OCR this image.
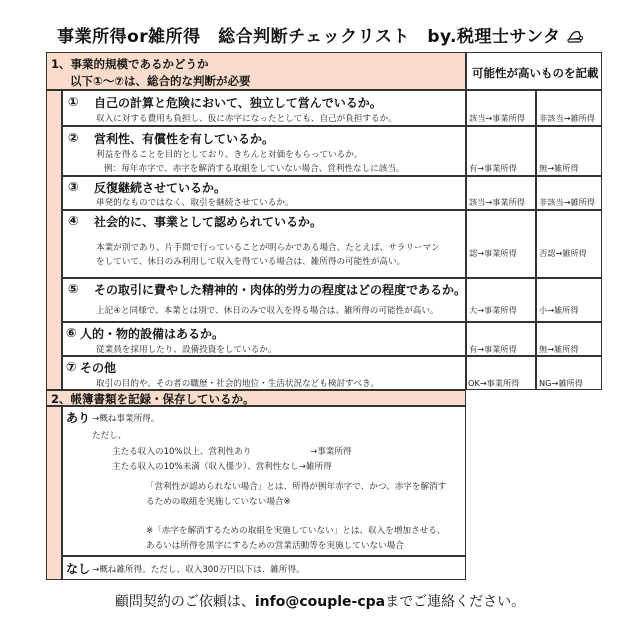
事業所得or雑所得　総合判断チェックリスト　by.税理士サンタ
1、事業的規模であるかどうか
以下①～⑦は、総合的な判断が必要
可能性が高いものを記載
① 自己の計算と危険において、独立して営んでいるか。
収入に対する費用も負担し、仮に赤字になったとしても、自己が負担するか。	該当→事業所得 非該当→雑所得
② 営利性、有償性を有しているか。
利益を得ることを目的としており、きちんと対価をもらっているか。
例：毎年赤字で、赤字を解消する取組をしていない場合、営利性なしに該当。	有→事業所得	無→雑所得
③ 反復継続させているか。
単発的なものではなく、取引を継続させているか。	該当→事業所得 非該当→雑所得
④ 社会的に、事業として認められているか。
本業が別であり、片手間で行っていることが明らかである場合、たとえば、サラリーマン
をしていて、休日のみ利用して収入を得ている場合は、雑所得の可能性が高い。
認→事業所得	否認→雑所得
⑤ その取引に費やした精神的・肉体的労力の程度はどの程度であるか。
上記④と同様で、本業とは別で、休日のみで収入を得る場合は、雑所得の可能性が高い。	大→事業所得	小→雑所得
⑥ 人的・物的設備はあるか。
従業員を採用したり、設備投資をしているか。	有→事業所得	無→雑所得
⑦ その他
取引の目的や、その者の職歴・社会的地位・生活状況なども検討すべき。	OK→事業所得 NG→雑所得
2、帳簿書類を記録・保存しているか。
あり →概ね事業所得。
ただし、
主たる収入の10%以上、営利性あり	→事業所得
主たる収入の10%未満（収入僅少）、営利性なし→雑所得
「営利性が認められない場合」とは、所得が例年赤字で、かつ、赤字を解消す
るための取組を実施していない場合※
※「赤字を解消するための取組を実施していない」とは、収入を増加させる、
あるいは所得を黒字にするための営業活動等を実施していない場合
なし →概ね雑所得。ただし、収入300万円以下は、雑所得。
顧問契約のご依頼は、info@couple-cpaまでご連絡ください。
